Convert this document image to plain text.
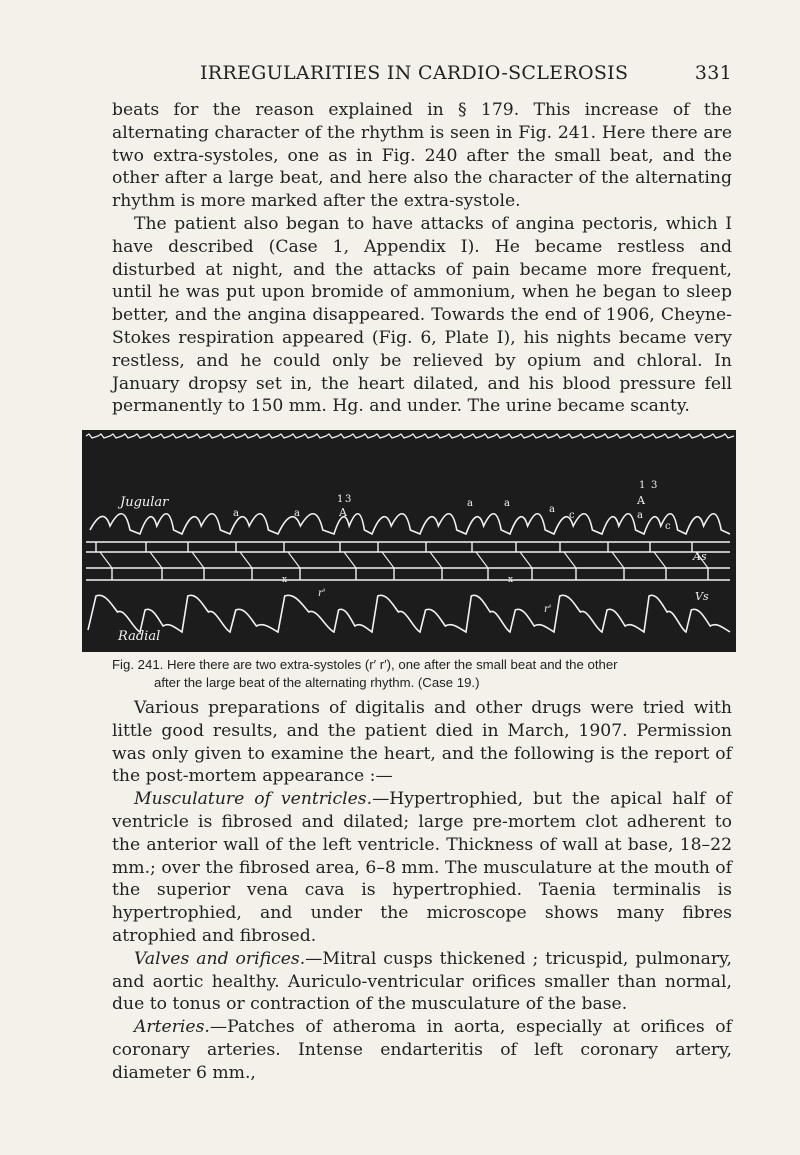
IRREGULARITIES IN CARDIO-SCLEROSIS	331

beats for the reason explained in § 179. This increase of the alternating character of the rhythm is seen in Fig. 241. Here there are two extra-systoles, one as in Fig. 240 after the small beat, and the other after a large beat, and here also the character of the alternating rhythm is more marked after the extra-systole.

The patient also began to have attacks of angina pectoris, which I have described (Case 1, Appendix I). He became restless and disturbed at night, and the attacks of pain became more frequent, until he was put upon bromide of ammonium, when he began to sleep better, and the angina disappeared. Towards the end of 1906, Cheyne-Stokes respiration appeared (Fig. 6, Plate I), his nights became very restless, and he could only be relieved by opium and chloral. In January dropsy set in, the heart dilated, and his blood pressure fell permanently to 150 mm. Hg. and under. The urine became scanty.

Jugular
Radial
a	a
1 3
A
a	a
a
c
1 3
A
a
c
As
Vs
x	x
r'
r'
Fig. 241. Here there are two extra-systoles (r′ r′), one after the small beat and the other
after the large beat of the alternating rhythm. (Case 19.)

Various preparations of digitalis and other drugs were tried with little good results, and the patient died in March, 1907. Permission was only given to examine the heart, and the following is the report of the post-mortem appearance :—

Musculature of ventricles.—Hypertrophied, but the apical half of ventricle is fibrosed and dilated; large pre-mortem clot adherent to the anterior wall of the left ventricle. Thickness of wall at base, 18–22 mm.; over the fibrosed area, 6–8 mm. The musculature at the mouth of the superior vena cava is hypertrophied. Taenia terminalis is hypertrophied, and under the microscope shows many fibres atrophied and fibrosed.

Valves and orifices.—Mitral cusps thickened ; tricuspid, pulmonary, and aortic healthy. Auriculo-ventricular orifices smaller than normal, due to tonus or contraction of the musculature of the base.

Arteries.—Patches of atheroma in aorta, especially at orifices of coronary arteries. Intense endarteritis of left coronary artery, diameter 6 mm.,
